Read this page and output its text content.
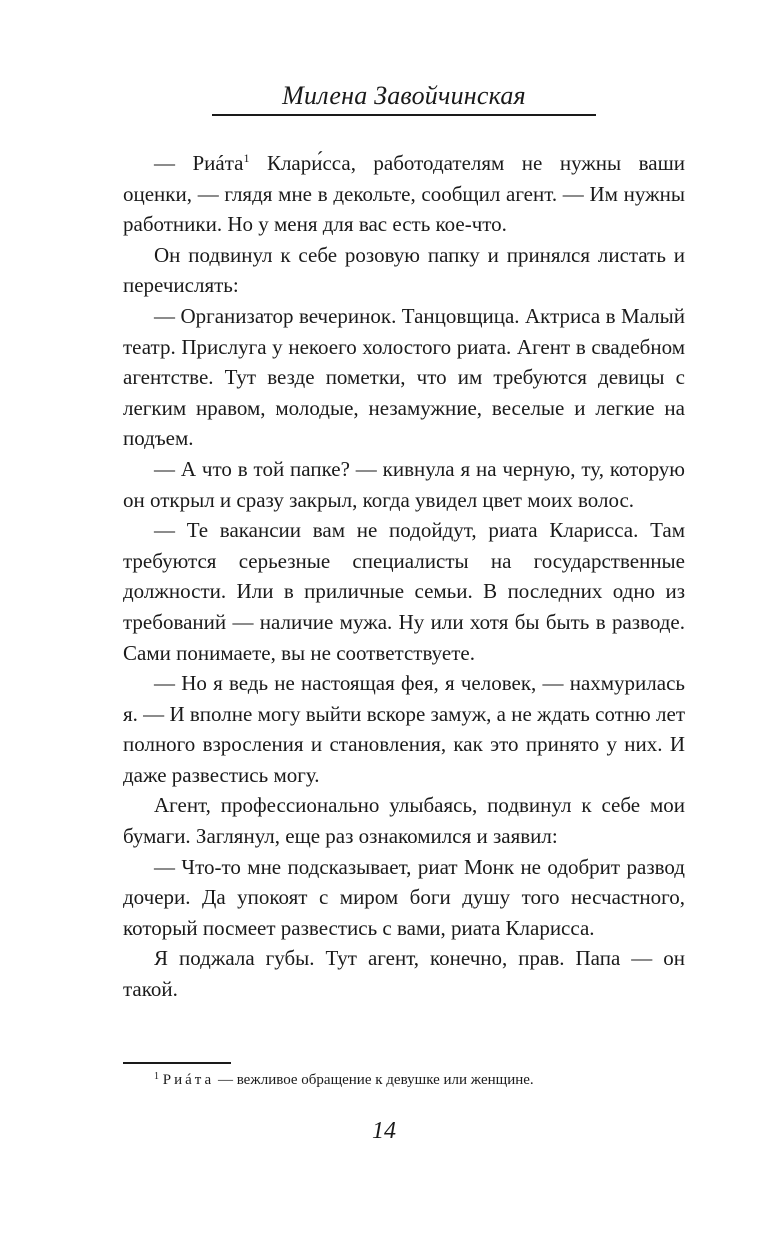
Милена Завойчинская

— Риáта$^1$ Клари́сса, работодателям не нужны ваши оценки, — глядя мне в декольте, сообщил агент. — Им нужны работники. Но у меня для вас есть кое-что.

Он подвинул к себе розовую папку и принялся листать и перечислять:

— Организатор вечеринок. Танцовщица. Актриса в Малый театр. Прислуга у некоего холостого риата. Агент в свадебном агентстве. Тут везде пометки, что им требуются девицы с легким нравом, молодые, незамужние, веселые и легкие на подъем.

— А что в той папке? — кивнула я на черную, ту, которую он открыл и сразу закрыл, когда увидел цвет моих волос.

— Те вакансии вам не подойдут, риата Кларисса. Там требуются серьезные специалисты на государственные должности. Или в приличные семьи. В последних одно из требований — наличие мужа. Ну или хотя бы быть в разводе. Сами понимаете, вы не соответствуете.

— Но я ведь не настоящая фея, я человек, — нахмурилась я. — И вполне могу выйти вскоре замуж, а не ждать сотню лет полного взросления и становления, как это принято у них. И даже развестись могу.

Агент, профессионально улыбаясь, подвинул к себе мои бумаги. Заглянул, еще раз ознакомился и заявил:

— Что-то мне подсказывает, риат Монк не одобрит развод дочери. Да упокоят с миром боги душу того несчастного, который посмеет развестись с вами, риата Кларисса.

Я поджала губы. Тут агент, конечно, прав. Папа — он такой.

$^1$ Риáта — вежливое обращение к девушке или женщине.
14
